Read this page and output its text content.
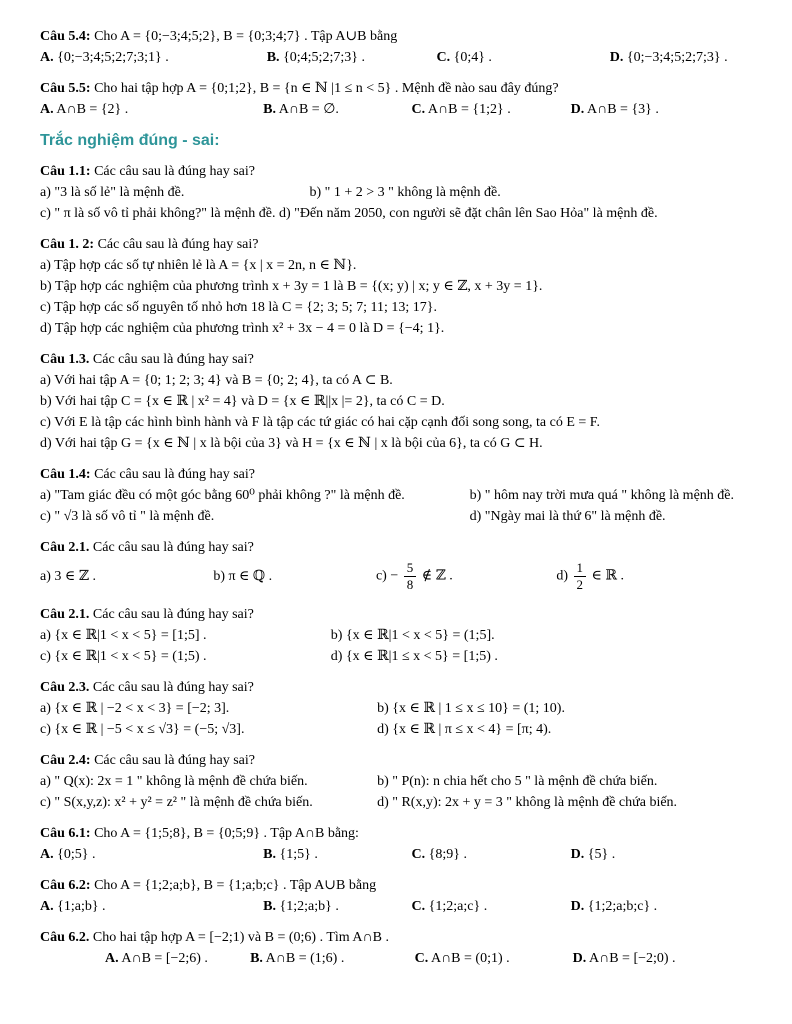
Câu 5.4: Cho A = {0;−3;4;5;2}, B = {0;3;4;7} . Tập A∪B bằng

A. {0;−3;4;5;2;7;3;1} .	B. {0;4;5;2;7;3} .	C. {0;4} .	D. {0;−3;4;5;2;7;3} .

Câu 5.5: Cho hai tập hợp A = {0;1;2}, B = {n ∈ ℕ |1 ≤ n < 5} . Mệnh đề nào sau đây đúng?

A. A∩B = {2} .	B. A∩B = ∅.	C. A∩B = {1;2} .	D. A∩B = {3} .
Trắc nghiệm đúng - sai:

Câu 1.1: Các câu sau là đúng hay sai?

a) "3 là số lẻ" là mệnh đề.	b) " 1 + 2 > 3 " không là mệnh đề.

c) " π là số vô tỉ phải không?" là mệnh đề. d) "Đến năm 2050, con người sẽ đặt chân lên Sao Hỏa" là mệnh đề.

Câu 1. 2: Các câu sau là đúng hay sai?

a) Tập hợp các số tự nhiên lẻ là A = {x | x = 2n, n ∈ ℕ}.

b) Tập hợp các nghiệm của phương trình x + 3y = 1 là B = {(x; y) | x; y ∈ ℤ, x + 3y = 1}.

c) Tập hợp các số nguyên tố nhỏ hơn 18 là C = {2; 3; 5; 7; 11; 13; 17}.

d) Tập hợp các nghiệm của phương trình x² + 3x − 4 = 0 là D = {−4; 1}.

Câu 1.3. Các câu sau là đúng hay sai?

a) Với hai tập A = {0; 1; 2; 3; 4} và B = {0; 2; 4}, ta có A ⊂ B.

b) Với hai tập C = {x ∈ ℝ | x² = 4} và D = {x ∈ ℝ||x |= 2}, ta có C = D.

c) Với E là tập các hình bình hành và F là tập các tứ giác có hai cặp cạnh đối song song, ta có E = F.

d) Với hai tập G = {x ∈ ℕ | x là bội của 3} và H = {x ∈ ℕ | x là bội của 6}, ta có G ⊂ H.

Câu 1.4: Các câu sau là đúng hay sai?

a) "Tam giác đều có một góc bằng 60⁰ phải không ?" là mệnh đề.	b) " hôm nay trời mưa quá " không là mệnh đề.
c) " √3 là số vô tỉ " là mệnh đề.	d) "Ngày mai là thứ 6" là mệnh đề.

Câu 2.1. Các câu sau là đúng hay sai?

a) 3 ∈ ℤ .	b) π ∈ ℚ .	$c) - \frac{5}{8}$ ∉ ℤ .	$d) \frac{1}{2}$ ∈ ℝ .

Câu 2.1. Các câu sau là đúng hay sai?

a) {x ∈ ℝ|1 < x < 5} = [1;5] .	b) {x ∈ ℝ|1 < x < 5} = (1;5].
c) {x ∈ ℝ|1 < x < 5} = (1;5) .	d) {x ∈ ℝ|1 ≤ x < 5} = [1;5) .

Câu 2.3. Các câu sau là đúng hay sai?

a) {x ∈ ℝ | −2 < x < 3} = [−2; 3].	b) {x ∈ ℝ | 1 ≤ x ≤ 10} = (1; 10).
c) {x ∈ ℝ | −5 < x ≤ √3} = (−5; √3].	d) {x ∈ ℝ | π ≤ x < 4} = [π; 4).

Câu 2.4: Các câu sau là đúng hay sai?

a) " Q(x): 2x = 1 " không là mệnh đề chứa biến.	b) " P(n): n chia hết cho 5 " là mệnh đề chứa biến.
c) " S(x,y,z): x² + y² = z² " là mệnh đề chứa biến.	d) " R(x,y): 2x + y = 3 " không là mệnh đề chứa biến.

Câu 6.1: Cho A = {1;5;8}, B = {0;5;9} . Tập A∩B bằng:

A. {0;5} .	B. {1;5} .	C. {8;9} .	D. {5} .

Câu 6.2: Cho A = {1;2;a;b}, B = {1;a;b;c} . Tập A∪B bằng

A. {1;a;b} .	B. {1;2;a;b} .	C. {1;2;a;c} .	D. {1;2;a;b;c} .

Câu 6.2. Cho hai tập hợp A = [−2;1) và B = (0;6) . Tìm A∩B .

A. A∩B = [−2;6) .	B. A∩B = (1;6) .	C. A∩B = (0;1) .	D. A∩B = [−2;0) .
